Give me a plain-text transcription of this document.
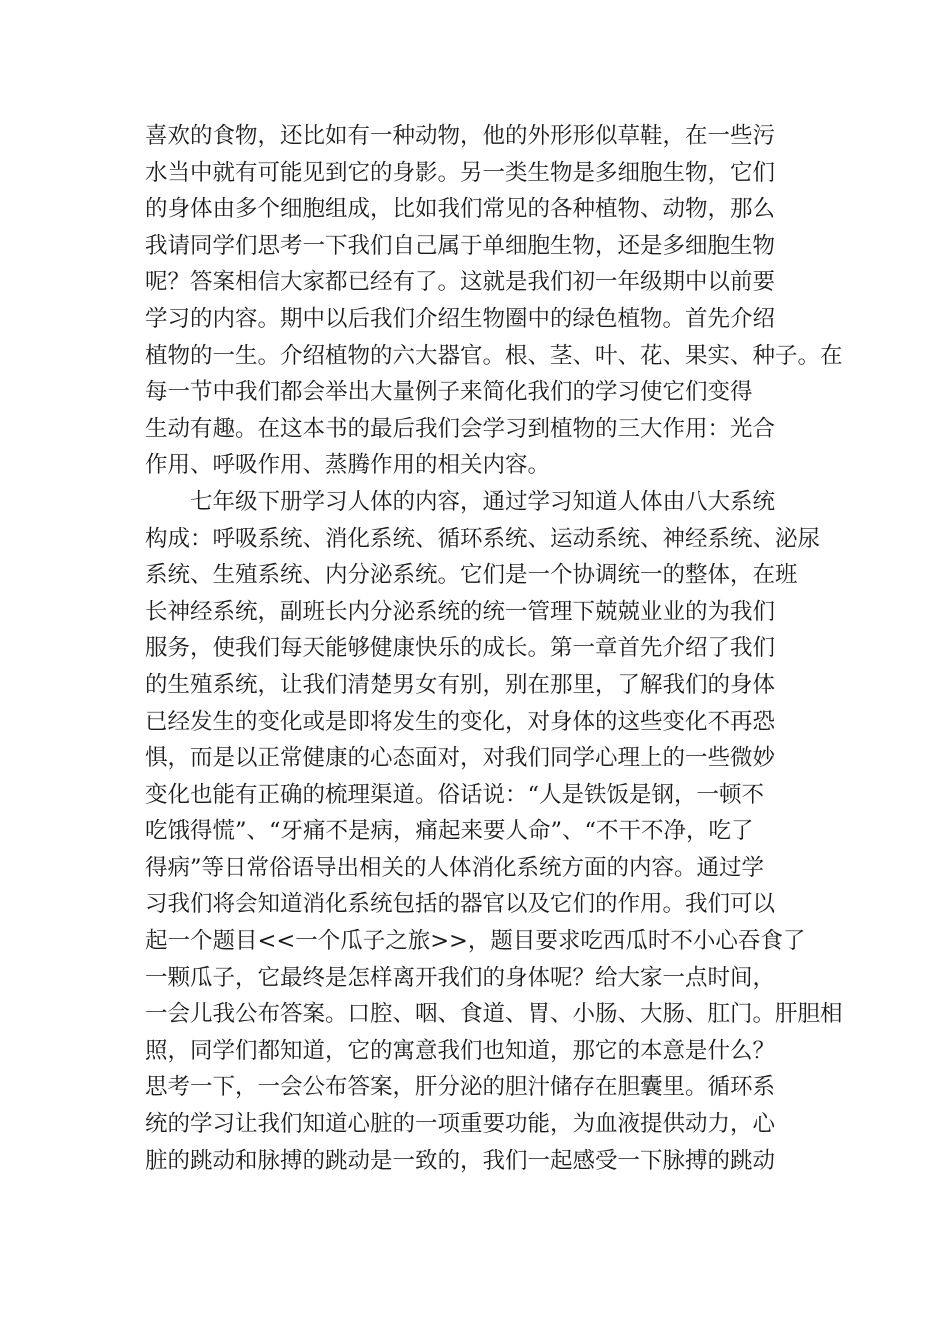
喜欢的食物，还比如有一种动物，他的外形形似草鞋，在一些污
水当中就有可能见到它的身影。另一类生物是多细胞生物，它们
的身体由多个细胞组成，比如我们常见的各种植物、动物，那么
我请同学们思考一下我们自己属于单细胞生物，还是多细胞生物
呢？答案相信大家都已经有了。这就是我们初一年级期中以前要
学习的内容。期中以后我们介绍生物圈中的绿色植物。首先介绍
植物的一生。介绍植物的六大器官。根、茎、叶、花、果实、种子。在
每一节中我们都会举出大量例子来简化我们的学习使它们变得
生动有趣。在这本书的最后我们会学习到植物的三大作用：光合
作用、呼吸作用、蒸腾作用的相关内容。
七年级下册学习人体的内容，通过学习知道人体由八大系统
构成：呼吸系统、消化系统、循环系统、运动系统、神经系统、泌尿
系统、生殖系统、内分泌系统。它们是一个协调统一的整体，在班
长神经系统，副班长内分泌系统的统一管理下兢兢业业的为我们
服务，使我们每天能够健康快乐的成长。第一章首先介绍了我们
的生殖系统，让我们清楚男女有别，别在那里，了解我们的身体
已经发生的变化或是即将发生的变化，对身体的这些变化不再恐
惧，而是以正常健康的心态面对，对我们同学心理上的一些微妙
变化也能有正确的梳理渠道。俗话说：“人是铁饭是钢，一顿不
吃饿得慌”、“牙痛不是病，痛起来要人命”、“不干不净，吃了
得病”等日常俗语导出相关的人体消化系统方面的内容。通过学
习我们将会知道消化系统包括的器官以及它们的作用。我们可以
起一个题目<<一个瓜子之旅>>，题目要求吃西瓜时不小心吞食了
一颗瓜子，它最终是怎样离开我们的身体呢？给大家一点时间，
一会儿我公布答案。口腔、咽、食道、胃、小肠、大肠、肛门。肝胆相
照，同学们都知道，它的寓意我们也知道，那它的本意是什么？
思考一下，一会公布答案，肝分泌的胆汁储存在胆囊里。循环系
统的学习让我们知道心脏的一项重要功能，为血液提供动力，心
脏的跳动和脉搏的跳动是一致的，我们一起感受一下脉搏的跳动
